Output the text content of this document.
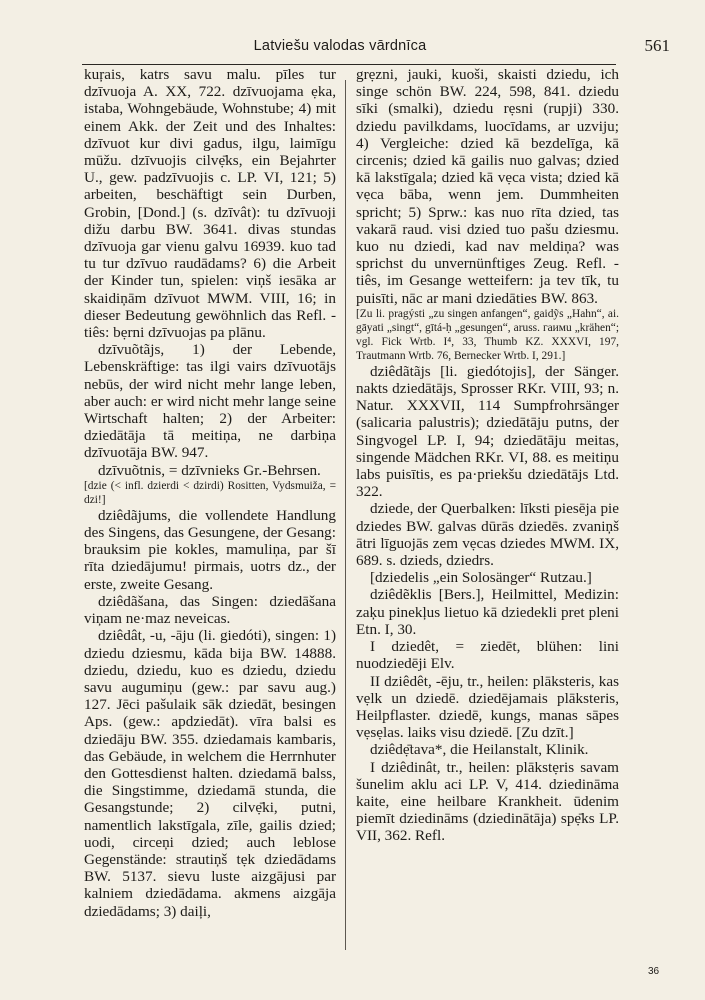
Latviešu valodas vārdnīca	561

kuŗais, katrs savu malu. pīles tur dzīvuoja A. XX, 722. dzīvuojama ẹka, istaba, Wohngebäude, Wohnstube; 4) mit einem Akk. der Zeit und des Inhaltes: dzīvuot kur divi gadus, ilgu, laimīgu mūžu. dzīvuojis cilvẹ̄ks, ein Bejahrter U., gew. padzīvuojis c. LP. VI, 121; 5) arbeiten, beschäftigt sein Durben, Grobin, [Dond.] (s. dzīvât): tu dzīvuoji dižu darbu BW. 3641. divas stundas dzīvuoja gar vienu galvu 16939. kuo tad tu tur dzīvuo raudādams? 6) die Arbeit der Kinder tun, spielen: viņš iesāka ar skaidiņām dzīvuot MWM. VIII, 16; in dieser Bedeutung gewöhnlich das Refl. -tiês: bẹrni dzīvuojas pa plānu.

dzīvuõtãjs, 1) der Lebende, Lebenskräftige: tas ilgi vairs dzīvuotājs nebūs, der wird nicht mehr lange leben, aber auch: er wird nicht mehr lange seine Wirtschaft halten; 2) der Arbeiter: dziedātāja tā meitiņa, ne darbiņa dzīvuotāja BW. 947.

dzīvuõtnis, = dzīvnieks Gr.-Behrsen.

[dzie (< infl. dzierdi < dzirdi) Rositten, Vydsmuiža, = dzi!]

dziêdãjums, die vollendete Handlung des Singens, das Gesungene, der Gesang: brauksim pie kokles, mamuliņa, par šī rīta dziedājumu! pirmais, uotrs dz., der erste, zweite Gesang.

dziêdãšana, das Singen: dziedāšana viņam ne·maz neveicas.

dziêdât, -u, -āju (li. giedóti), singen: 1) dziedu dziesmu, kāda bija BW. 14888. dziedu, dziedu, kuo es dziedu, dziedu savu augumiņu (gew.: par savu aug.) 127. Jēci pašulaik sāk dziedāt, besingen Aps. (gew.: apdziedāt). vīra balsi es dziedāju BW. 355. dziedamais kambaris, das Gebäude, in welchem die Herrnhuter den Gottesdienst halten. dziedamā balss, die Singstimme, dziedamā stunda, die Gesangstunde; 2) cilvẹ̄ki, putni, namentlich lakstīgala, zīle, gailis dzied; uodi, circeņi dzied; auch leblose Gegenstände: strautiņš tẹk dziedādams BW. 5137. sievu luste aizgājusi par kalniem dziedādama. akmens aizgāja dziedādams; 3) daiļi,

grẹzni, jauki, kuoši, skaisti dziedu, ich singe schön BW. 224, 598, 841. dziedu sīki (smalki), dziedu rẹsni (rupji) 330. dziedu pavilkdams, luocīdams, ar uzviju; 4) Vergleiche: dzied kā bezdelīga, kā circenis; dzied kā gailis nuo galvas; dzied kā lakstīgala; dzied kā vẹca vista; dzied kā vẹca bāba, wenn jem. Dummheiten spricht; 5) Sprw.: kas nuo rīta dzied, tas vakarā raud. visi dzied tuo pašu dziesmu. kuo nu dziedi, kad nav meldiņa? was sprichst du unvernünftiges Zeug. Refl. -tiês, im Gesange wetteifern: ja tev tīk, tu puisīti, nāc ar mani dziedāties BW. 863.

[Zu li. pragýsti „zu singen anfangen“, gaidỹs „Hahn“, ai. gāyati „singt“, gītá-ḥ „gesungen“, aruss. гаимu „krähen“; vgl. Fick Wrtb. I⁴, 33, Thumb KZ. XXXVI, 197, Trautmann Wrtb. 76, Bernecker Wrtb. I, 291.]

dziêdãtãjs [li. giedótojis], der Sänger. nakts dziedātājs, Sprosser RKr. VIII, 93; n. Natur. XXXVII, 114 Sumpfrohrsänger (salicaria palustris); dziedātāju putns, der Singvogel LP. I, 94; dziedātāju meitas, singende Mädchen RKr. VI, 88. es meitiņu labs puisītis, es pa·priekšu dziedātājs Ltd. 322.

dziede, der Querbalken: līksti piesēja pie dziedes BW. galvas dūrās dziedēs. zvaniņš ātri līguojās zem vẹcas dziedes MWM. IX, 689. s. dzieds, dziedrs.

[dziedelis „ein Solosänger“ Rutzau.]

dziêdẽklis [Bers.], Heilmittel, Medizin: zaķu pinekļus lietuo kā dziedekli pret pleni Etn. I, 30.

I dziedêt, = ziedēt, blühen: lini nuodziedēji Elv.

II dziêdêt, -ēju, tr., heilen: plāksteris, kas vẹlk un dziedē. dziedējamais plāksteris, Heilpflaster. dziedē, kungs, manas sāpes vẹsẹlas. laiks visu dziedē. [Zu dzīt.]

dziêdẹ̄tava*, die Heilanstalt, Klinik.

I dziêdinât, tr., heilen: plākstẹris savam šunelim aklu aci LP. V, 414. dziedināma kaite, eine heilbare Krankheit. ūdenim piemīt dziedināms (dziedinātāja) spẹ̄ks LP. VII, 362. Refl.

36
